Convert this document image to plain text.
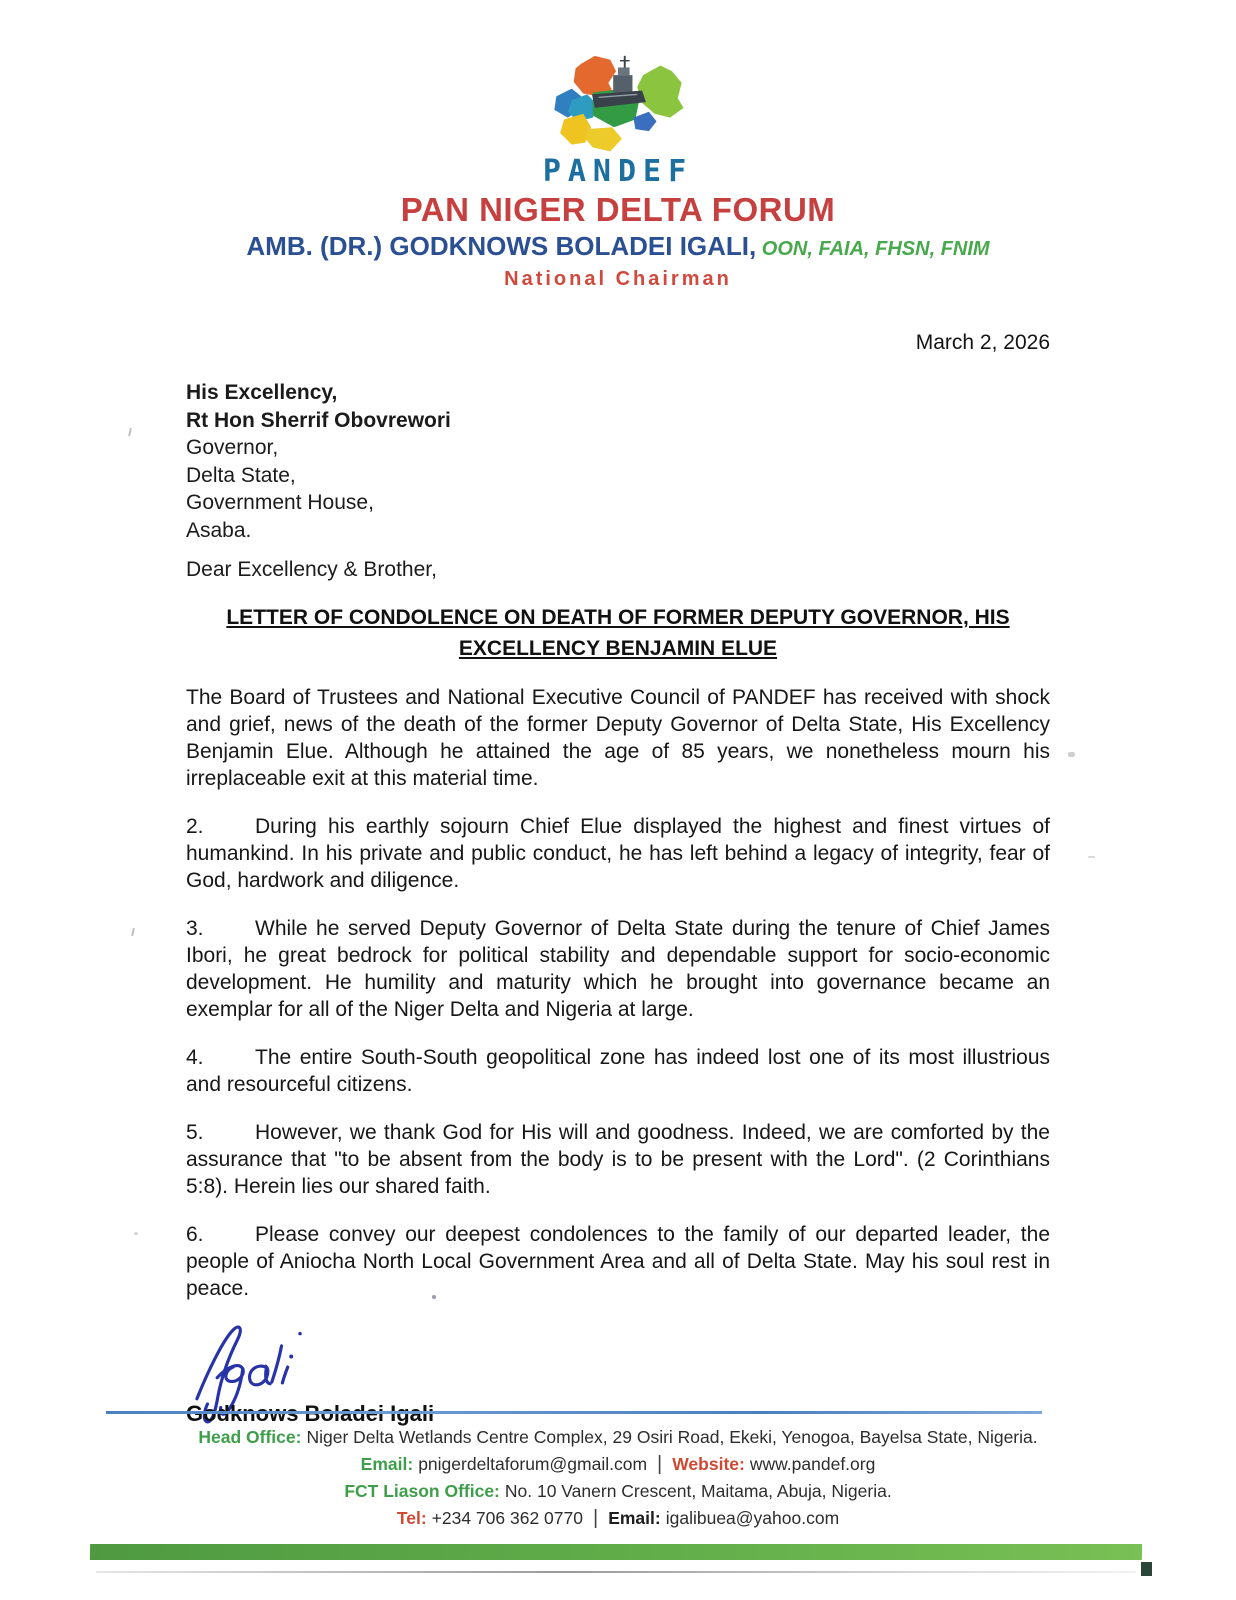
PANDEF
PAN NIGER DELTA FORUM
AMB. (DR.) GODKNOWS BOLADEI IGALI, OON, FAIA, FHSN, FNIM
National Chairman
March 2, 2026
His Excellency,
Rt Hon Sherrif Obovrewori
Governor,
Delta State,
Government House,
Asaba.
Dear Excellency & Brother,
LETTER OF CONDOLENCE ON DEATH OF FORMER DEPUTY GOVERNOR, HIS
EXCELLENCY BENJAMIN ELUE

The Board of Trustees and National Executive Council of PANDEF has received with shock and grief, news of the death of the former Deputy Governor of Delta State, His Excellency Benjamin Elue. Although he attained the age of 85 years, we nonetheless mourn his irreplaceable exit at this material time.

2. During his earthly sojourn Chief Elue displayed the highest and finest virtues of humankind. In his private and public conduct, he has left behind a legacy of integrity, fear of God, hardwork and diligence.

3. While he served Deputy Governor of Delta State during the tenure of Chief James Ibori, he great bedrock for political stability and dependable support for socio-economic development. He humility and maturity which he brought into governance became an exemplar for all of the Niger Delta and Nigeria at large.

4. The entire South-South geopolitical zone has indeed lost one of its most illustrious and resourceful citizens.

5. However, we thank God for His will and goodness. Indeed, we are comforted by the assurance that "to be absent from the body is to be present with the Lord". (2 Corinthians 5:8). Herein lies our shared faith.

6. Please convey our deepest condolences to the family of our departed leader, the people of Aniocha North Local Government Area and all of Delta State. May his soul rest in peace.

Head Office: Niger Delta Wetlands Centre Complex, 29 Osiri Road, Ekeki, Yenogoa, Bayelsa State, Nigeria.
Email: pnigerdeltaforum@gmail.com | Website: www.pandef.org
FCT Liason Office: No. 10 Vanern Crescent, Maitama, Abuja, Nigeria.
Tel: +234 706 362 0770 | Email: igalibuea@yahoo.com
